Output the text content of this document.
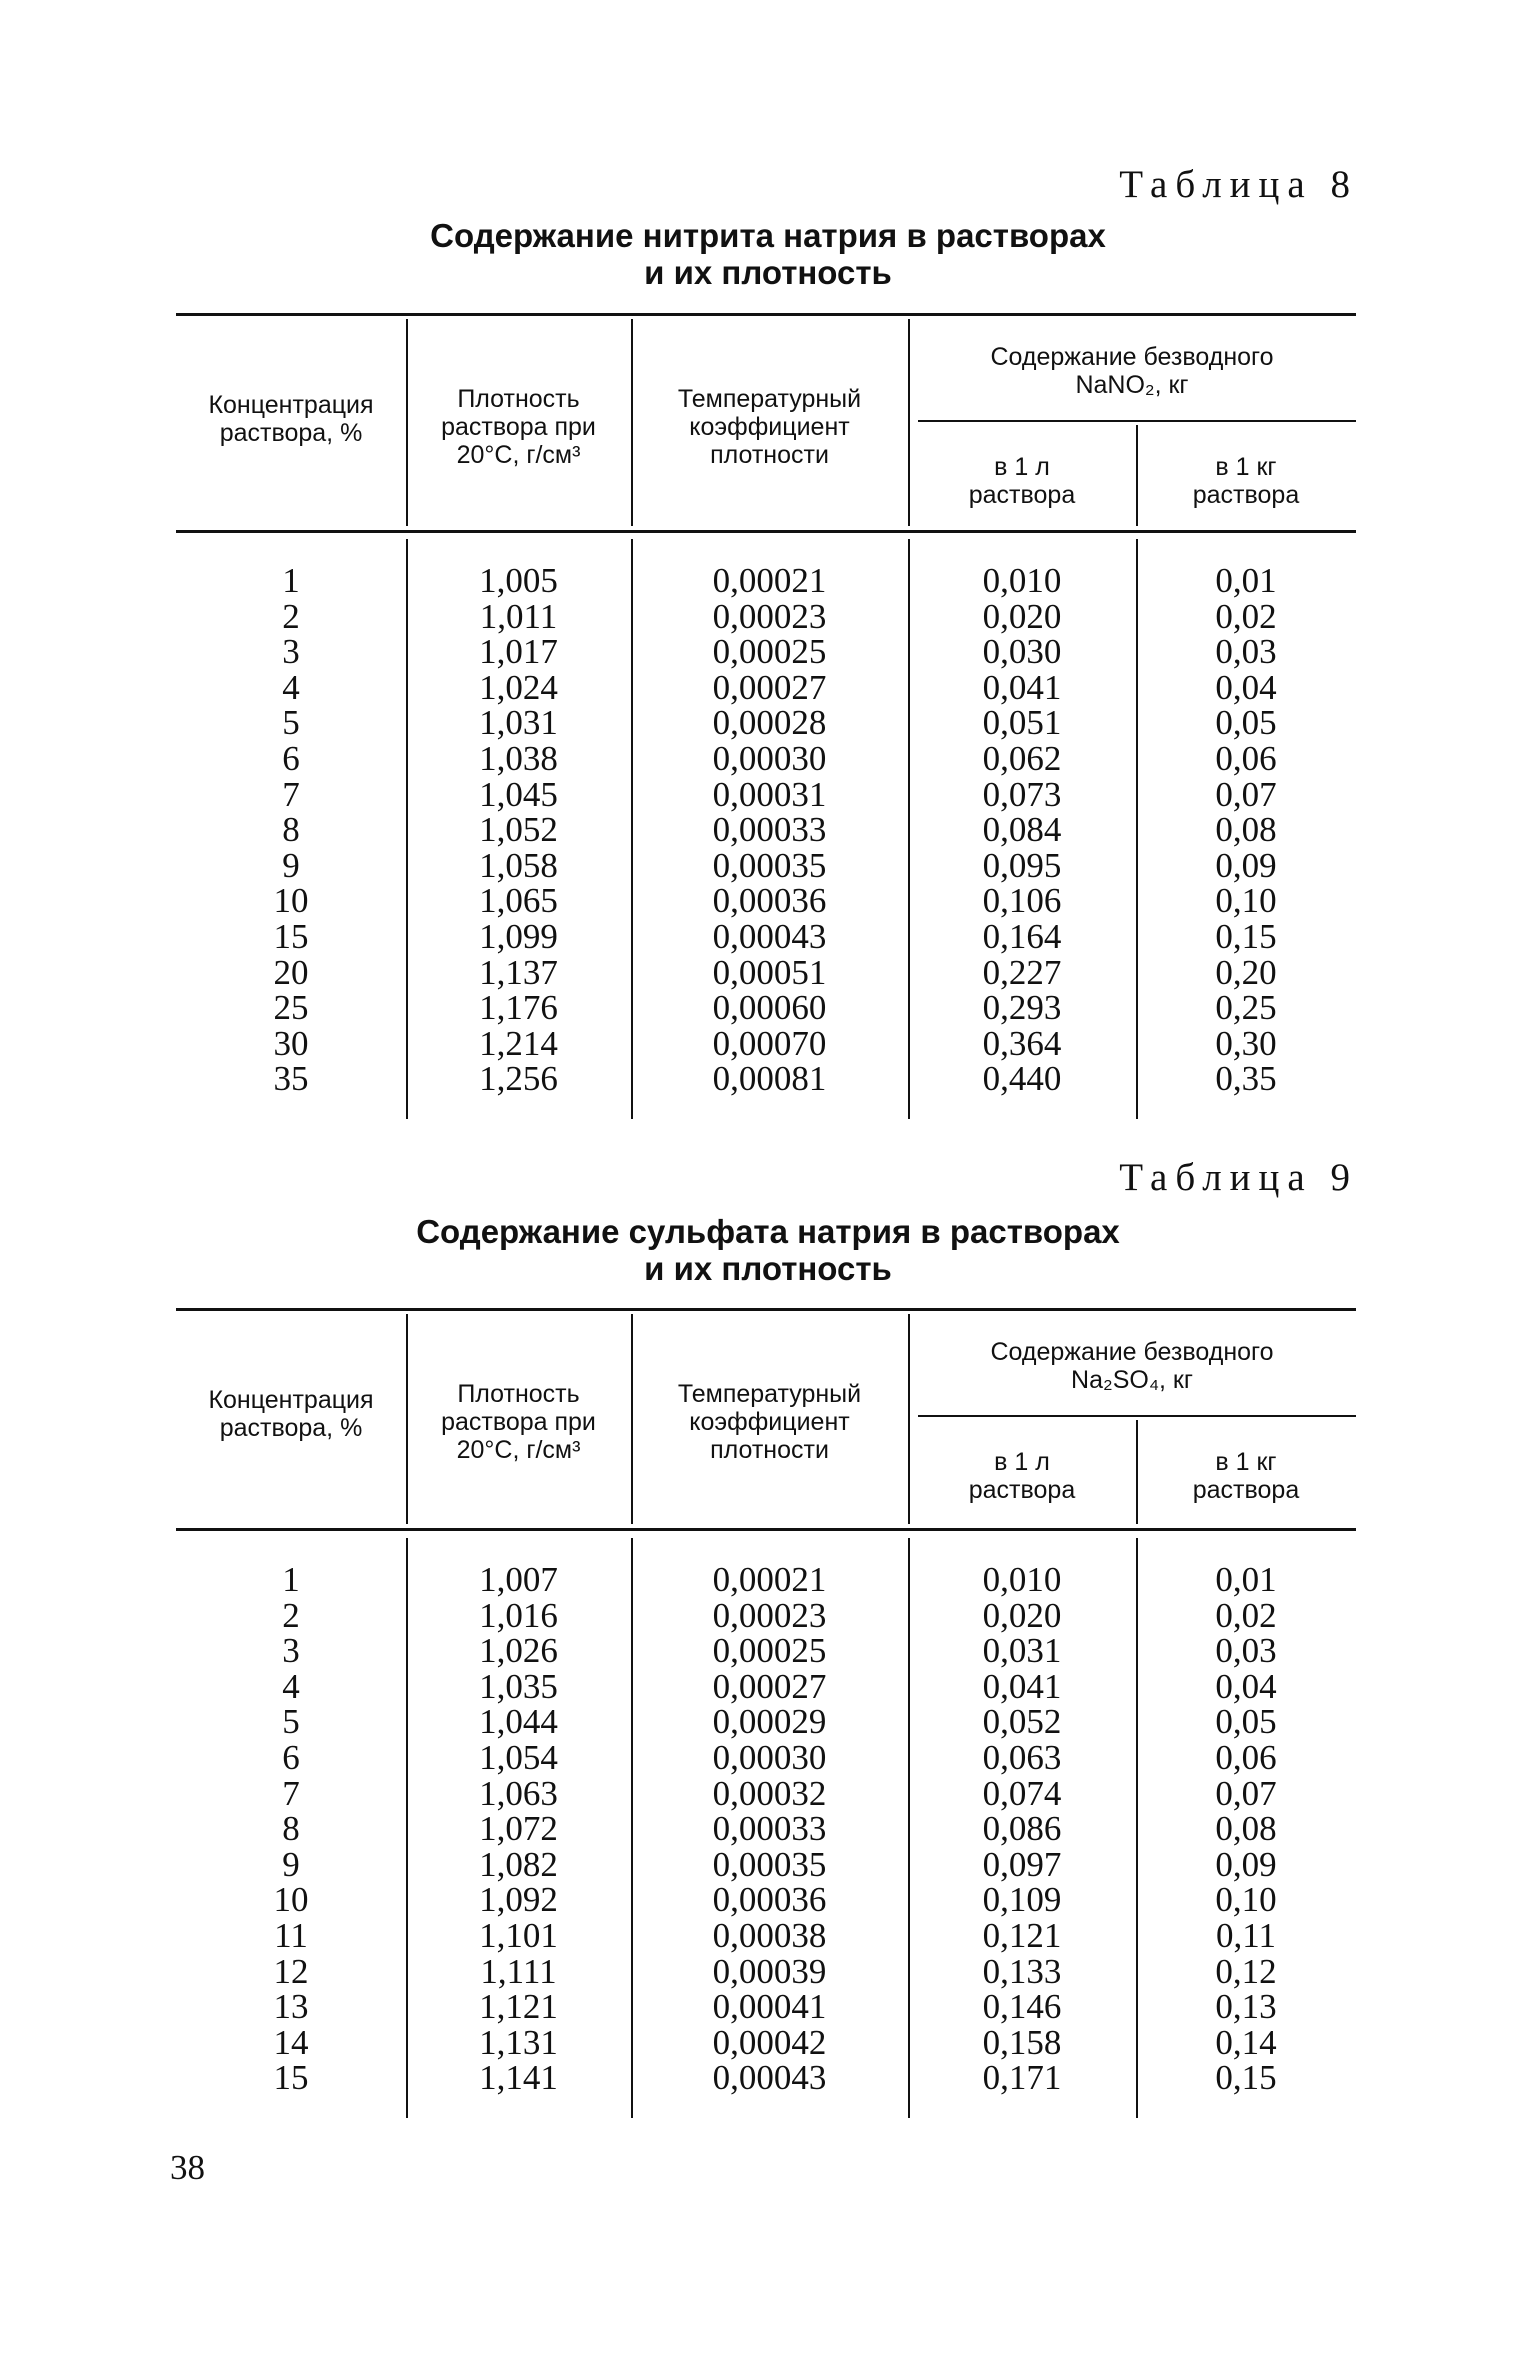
Таблица 8
Содержание нитрита натрия в растворах
и их плотность
Концентрация
раствора, %
Плотность
раствора при
20°С, г/см³
Температурный
коэффициент
плотности
Содержание безводного
NaNO₂, кг
в 1 л
раствора
в 1 кг
раствора
1
2
3
4
5
6
7
8
9
10
15
20
25
30
35
1,005
1,011
1,017
1,024
1,031
1,038
1,045
1,052
1,058
1,065
1,099
1,137
1,176
1,214
1,256
0,00021
0,00023
0,00025
0,00027
0,00028
0,00030
0,00031
0,00033
0,00035
0,00036
0,00043
0,00051
0,00060
0,00070
0,00081
0,010
0,020
0,030
0,041
0,051
0,062
0,073
0,084
0,095
0,106
0,164
0,227
0,293
0,364
0,440
0,01
0,02
0,03
0,04
0,05
0,06
0,07
0,08
0,09
0,10
0,15
0,20
0,25
0,30
0,35
Таблица 9
Содержание сульфата натрия в растворах
и их плотность
Концентрация
раствора, %
Плотность
раствора при
20°С, г/см³
Температурный
коэффициент
плотности
Содержание безводного
Na₂SO₄, кг
в 1 л
раствора
в 1 кг
раствора
1
2
3
4
5
6
7
8
9
10
11
12
13
14
15
1,007
1,016
1,026
1,035
1,044
1,054
1,063
1,072
1,082
1,092
1,101
1,111
1,121
1,131
1,141
0,00021
0,00023
0,00025
0,00027
0,00029
0,00030
0,00032
0,00033
0,00035
0,00036
0,00038
0,00039
0,00041
0,00042
0,00043
0,010
0,020
0,031
0,041
0,052
0,063
0,074
0,086
0,097
0,109
0,121
0,133
0,146
0,158
0,171
0,01
0,02
0,03
0,04
0,05
0,06
0,07
0,08
0,09
0,10
0,11
0,12
0,13
0,14
0,15
38
